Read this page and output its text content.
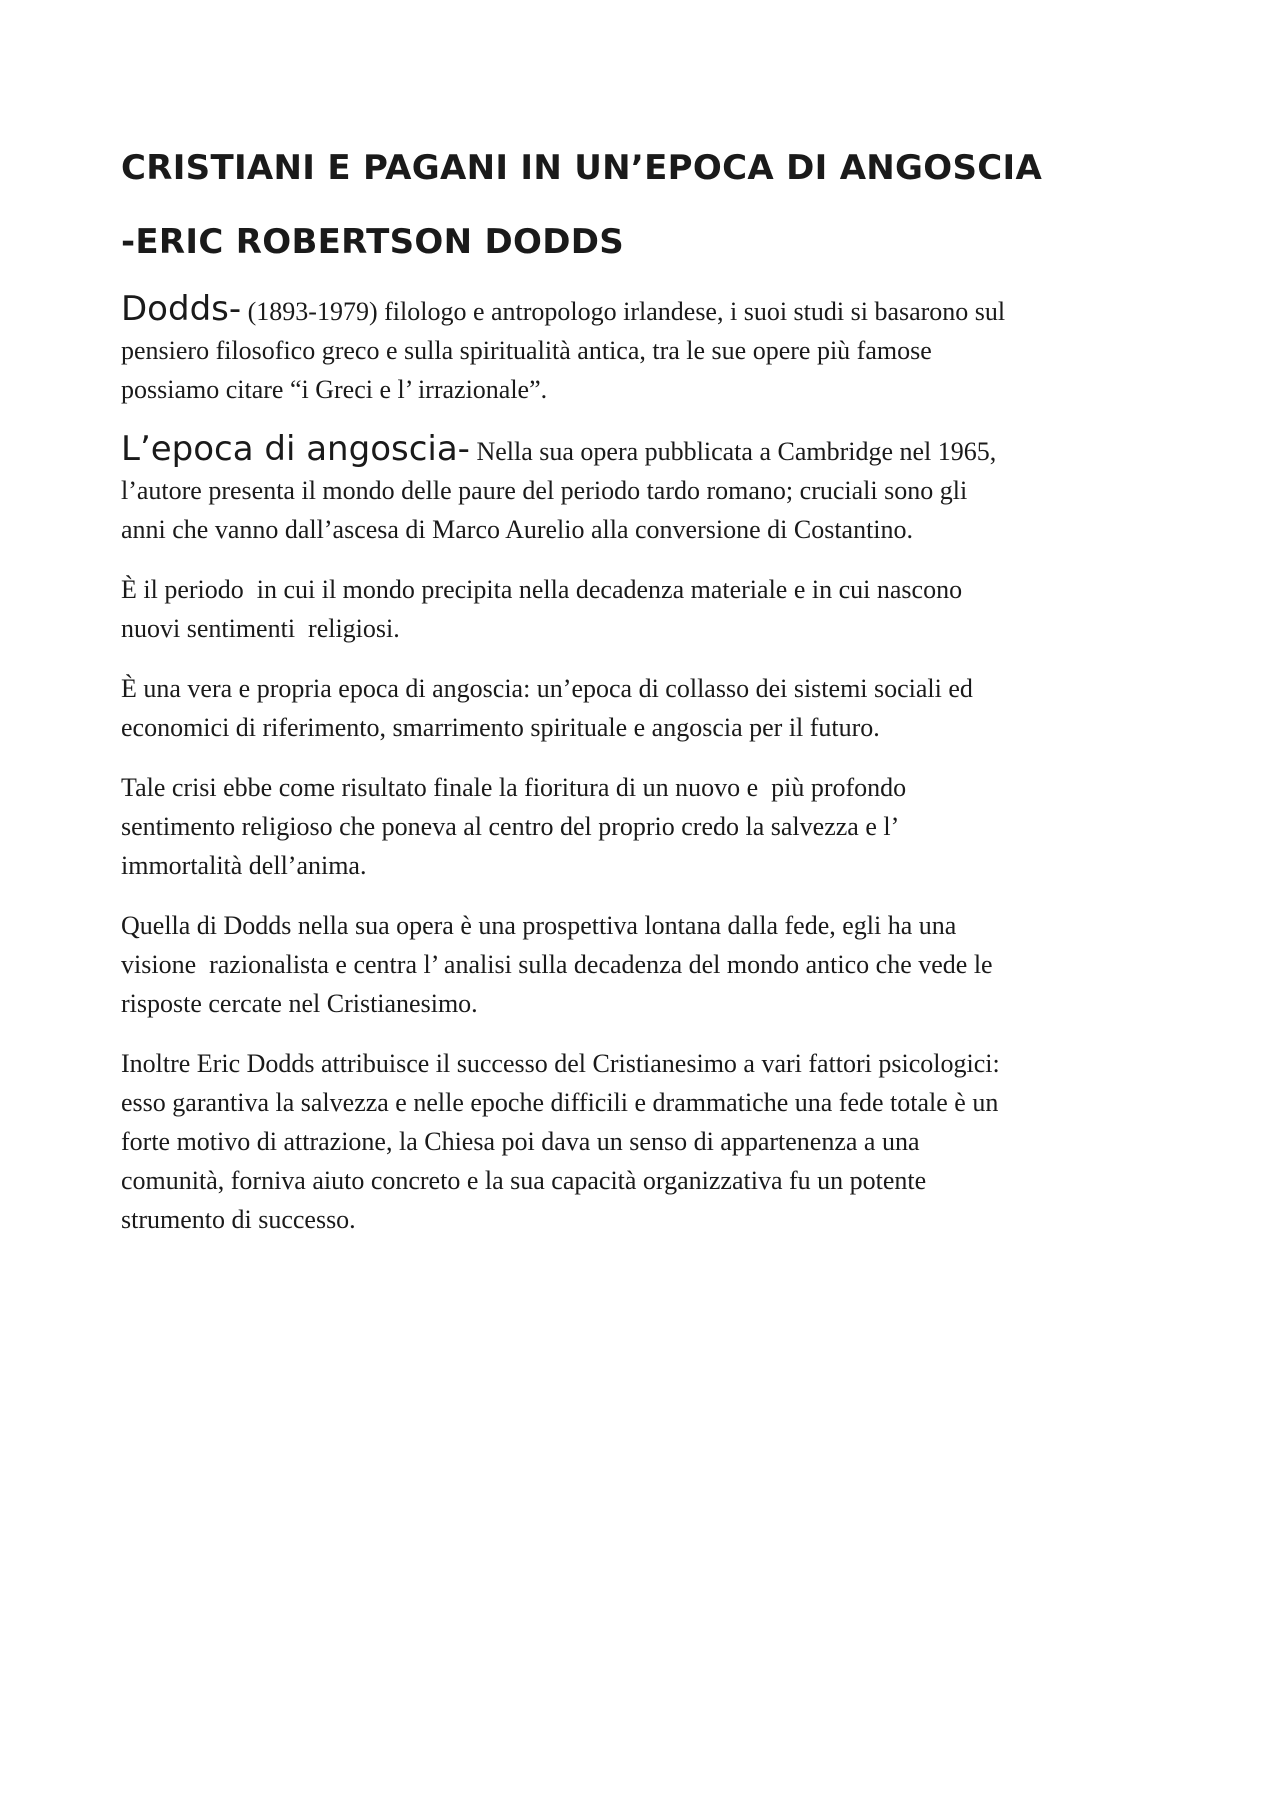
CRISTIANI E PAGANI IN UN’EPOCA DI ANGOSCIA
-ERIC ROBERTSON DODDS

Dodds- (1893-1979) filologo e antropologo irlandese, i suoi studi si basarono sul
pensiero filosofico greco e sulla spiritualità antica, tra le sue opere più famose
possiamo citare “i Greci e l’ irrazionale”.

L’epoca di angoscia- Nella sua opera pubblicata a Cambridge nel 1965,
l’autore presenta il mondo delle paure del periodo tardo romano; cruciali sono gli
anni che vanno dall’ascesa di Marco Aurelio alla conversione di Costantino.

È il periodo  in cui il mondo precipita nella decadenza materiale e in cui nascono
nuovi sentimenti  religiosi.

È una vera e propria epoca di angoscia: un’epoca di collasso dei sistemi sociali ed
economici di riferimento, smarrimento spirituale e angoscia per il futuro.

Tale crisi ebbe come risultato finale la fioritura di un nuovo e  più profondo
sentimento religioso che poneva al centro del proprio credo la salvezza e l’
immortalità dell’anima.

Quella di Dodds nella sua opera è una prospettiva lontana dalla fede, egli ha una
visione  razionalista e centra l’ analisi sulla decadenza del mondo antico che vede le
risposte cercate nel Cristianesimo.

Inoltre Eric Dodds attribuisce il successo del Cristianesimo a vari fattori psicologici:
esso garantiva la salvezza e nelle epoche difficili e drammatiche una fede totale è un
forte motivo di attrazione, la Chiesa poi dava un senso di appartenenza a una
comunità, forniva aiuto concreto e la sua capacità organizzativa fu un potente
strumento di successo.
